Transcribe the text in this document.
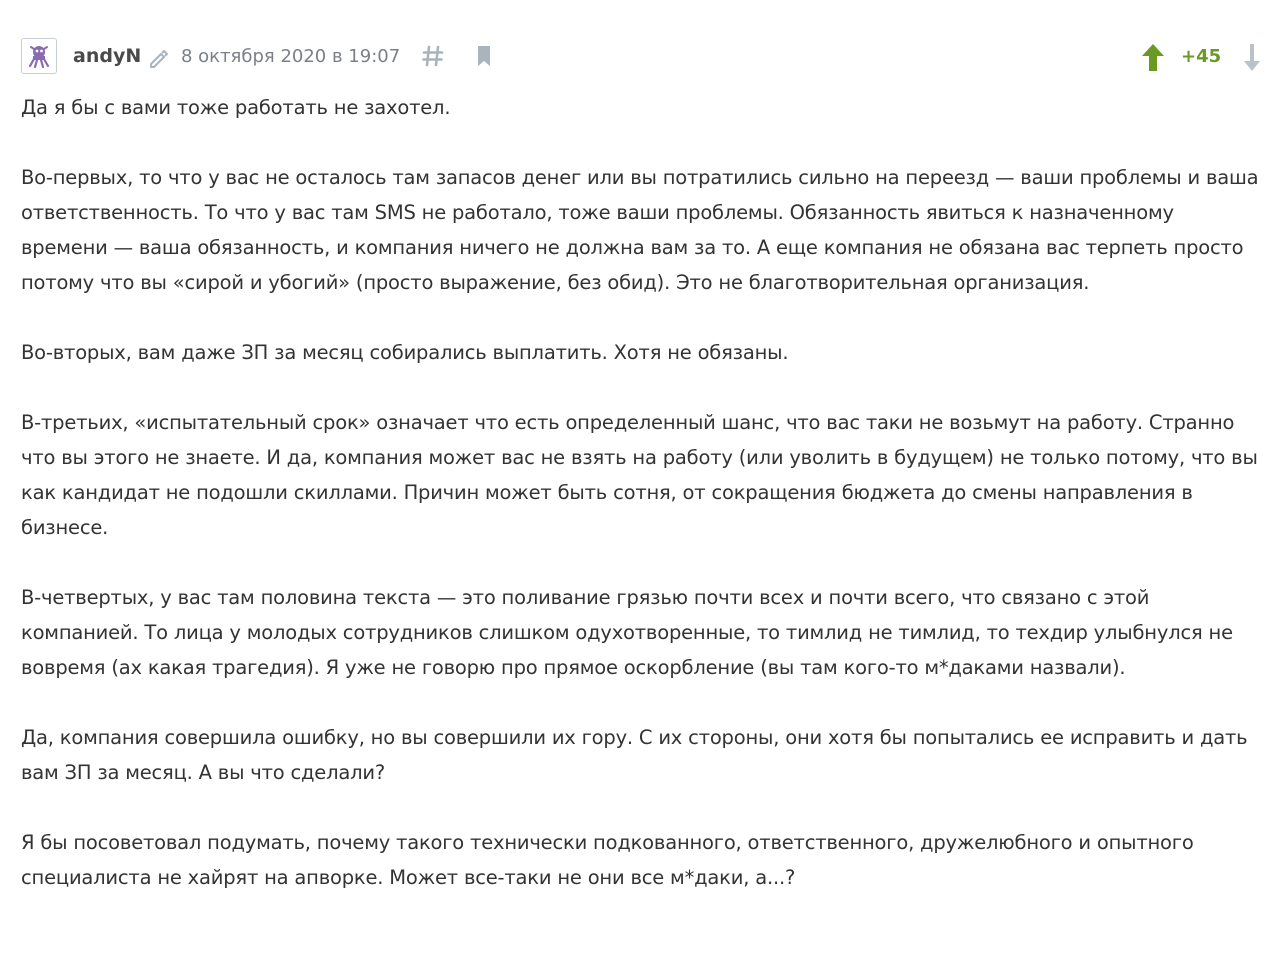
andyN 8 октября 2020 в 19:07	+45

Да я бы с вами тоже работать не захотел.

Во-первых, то что у вас не осталось там запасов денег или вы потратились сильно на переезд — ваши проблемы и ваша ответственность. То что у вас там SMS не работало, тоже ваши проблемы. Обязанность явиться к назначенному времени — ваша обязанность, и компания ничего не должна вам за то. А еще компания не обязана вас терпеть просто потому что вы «сирой и убогий» (просто выражение, без обид). Это не благотворительная организация.

Во-вторых, вам даже ЗП за месяц собирались выплатить. Хотя не обязаны.

В-третьих, «испытательный срок» означает что есть определенный шанс, что вас таки не возьмут на работу. Странно что вы этого не знаете. И да, компания может вас не взять на работу (или уволить в будущем) не только потому, что вы как кандидат не подошли скиллами. Причин может быть сотня, от сокращения бюджета до смены направления в бизнесе.

В-четвертых, у вас там половина текста — это поливание грязью почти всех и почти всего, что связано с этой компанией. То лица у молодых сотрудников слишком одухотворенные, то тимлид не тимлид, то техдир улыбнулся не вовремя (ах какая трагедия). Я уже не говорю про прямое оскорбление (вы там кого-то м*даками назвали).

Да, компания совершила ошибку, но вы совершили их гору. С их стороны, они хотя бы попытались ее исправить и дать вам ЗП за месяц. А вы что сделали?

Я бы посоветовал подумать, почему такого технически подкованного, ответственного, дружелюбного и опытного специалиста не хайрят на апворке. Может все-таки не они все м*даки, а...?
